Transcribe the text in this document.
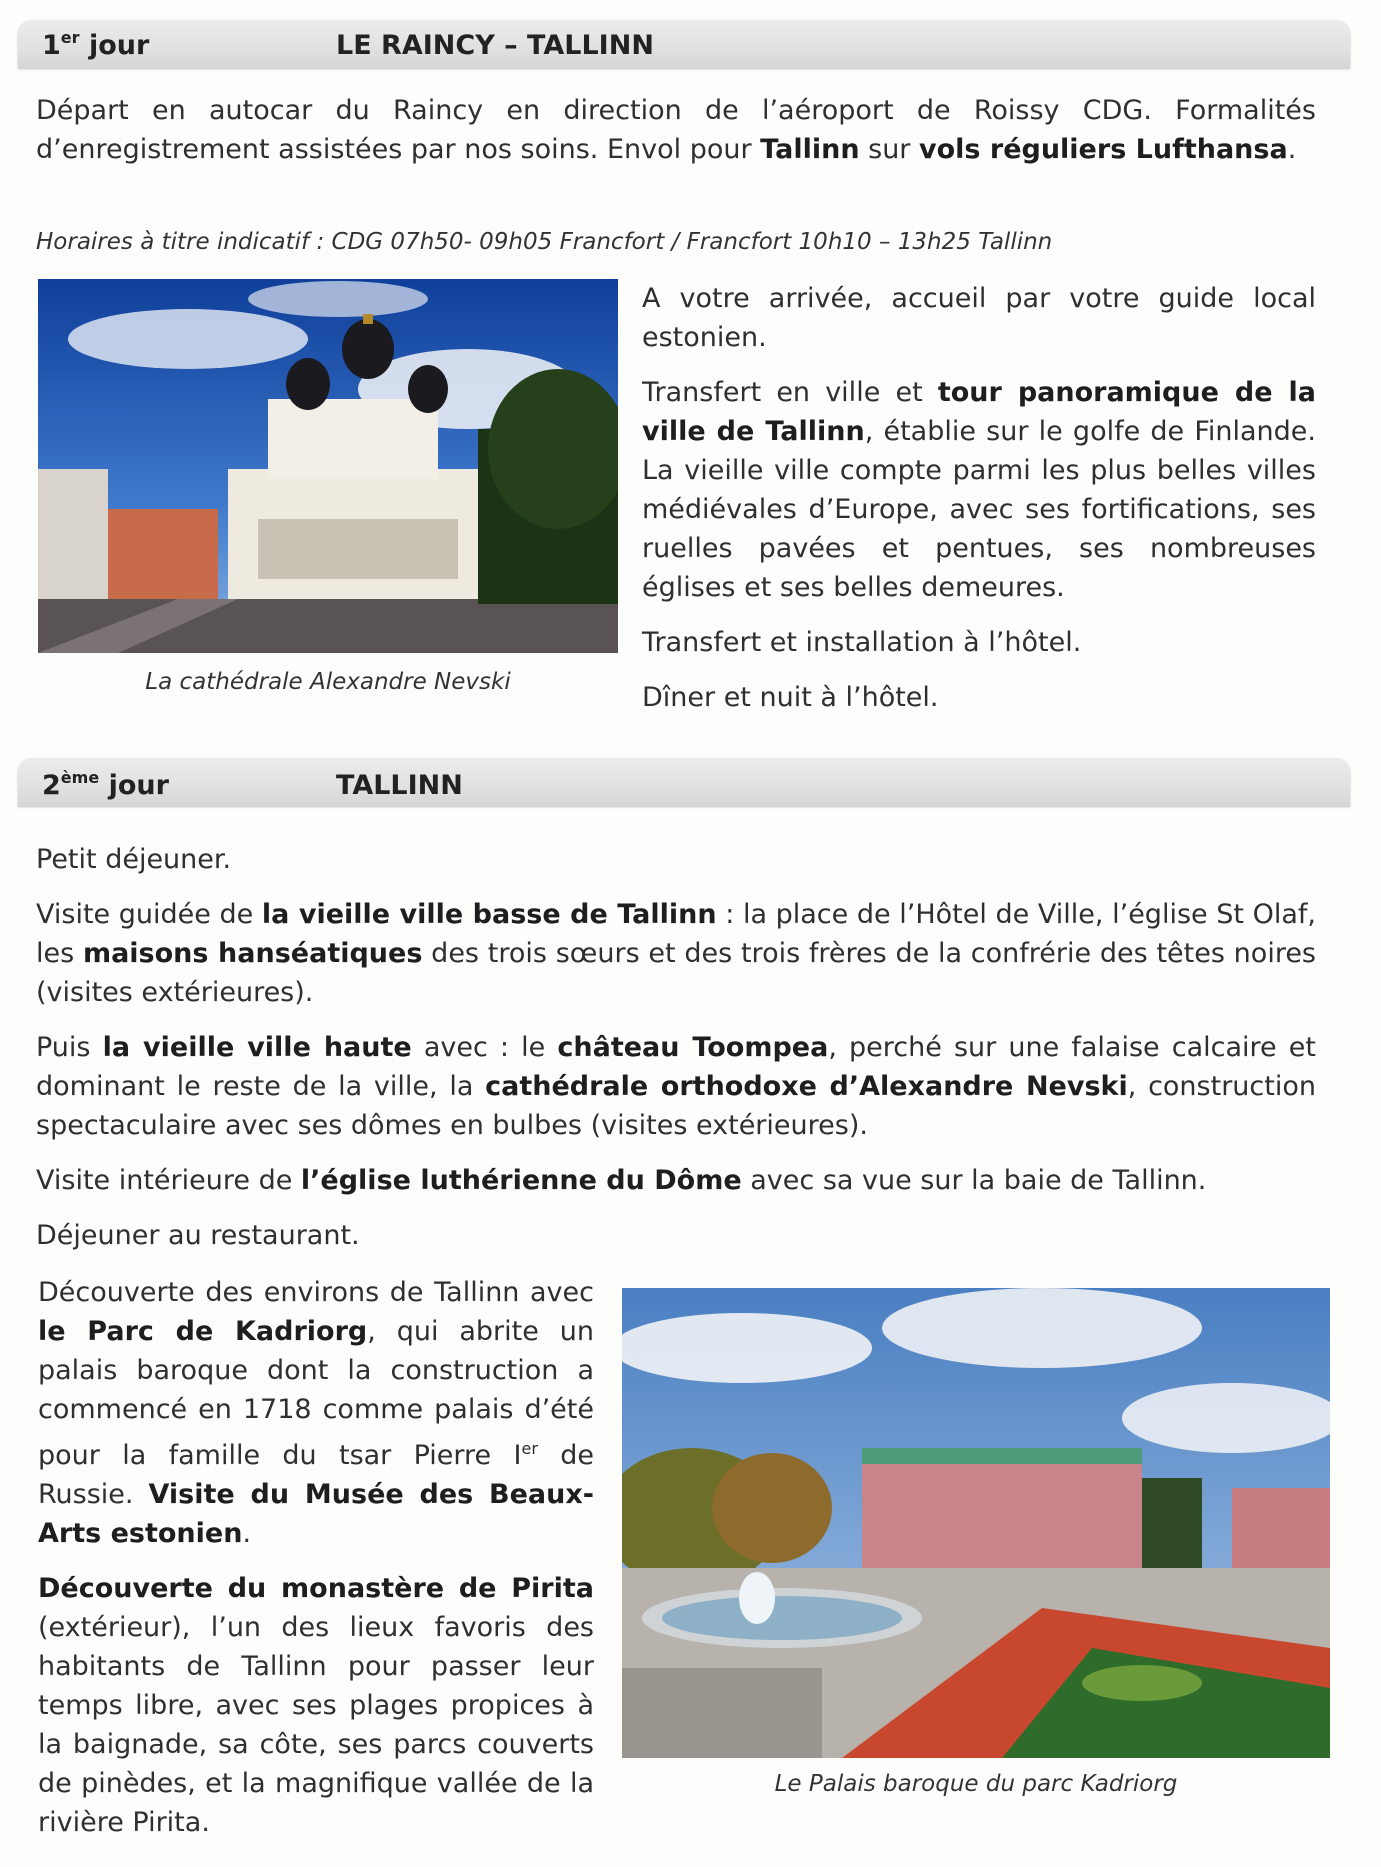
1er jour	LE RAINCY – TALLINN

Départ en autocar du Raincy en direction de l’aéroport de Roissy CDG. Formalités d’enregistrement assistées par nos soins. Envol pour Tallinn sur vols réguliers Lufthansa.

Horaires à titre indicatif : CDG 07h50- 09h05 Francfort / Francfort 10h10 – 13h25 Tallinn

La cathédrale Alexandre Nevski

A votre arrivée, accueil par votre guide local estonien.

Transfert en ville et tour panoramique de la ville de Tallinn, établie sur le golfe de Finlande. La vieille ville compte parmi les plus belles villes médiévales d’Europe, avec ses fortifications, ses ruelles pavées et pentues, ses nombreuses églises et ses belles demeures.

Transfert et installation à l’hôtel.

Dîner et nuit à l’hôtel.

2ème jour	TALLINN

Petit déjeuner.

Visite guidée de la vieille ville basse de Tallinn : la place de l’Hôtel de Ville, l’église St Olaf, les maisons hanséatiques des trois sœurs et des trois frères de la confrérie des têtes noires (visites extérieures).

Puis la vieille ville haute avec : le château Toompea, perché sur une falaise calcaire et dominant le reste de la ville, la cathédrale orthodoxe d’Alexandre Nevski, construction spectaculaire avec ses dômes en bulbes (visites extérieures).

Visite intérieure de l’église luthérienne du Dôme avec sa vue sur la baie de Tallinn.

Déjeuner au restaurant.

Découverte des environs de Tallinn avec le Parc de Kadriorg, qui abrite un palais baroque dont la construction a commencé en 1718 comme palais d’été pour la famille du tsar Pierre Ier de Russie. Visite du Musée des Beaux-Arts estonien.

Découverte du monastère de Pirita (extérieur), l’un des lieux favoris des habitants de Tallinn pour passer leur temps libre, avec ses plages propices à la baignade, sa côte, ses parcs couverts de pinèdes, et la magnifique vallée de la rivière Pirita.

Le Palais baroque du parc Kadriorg
